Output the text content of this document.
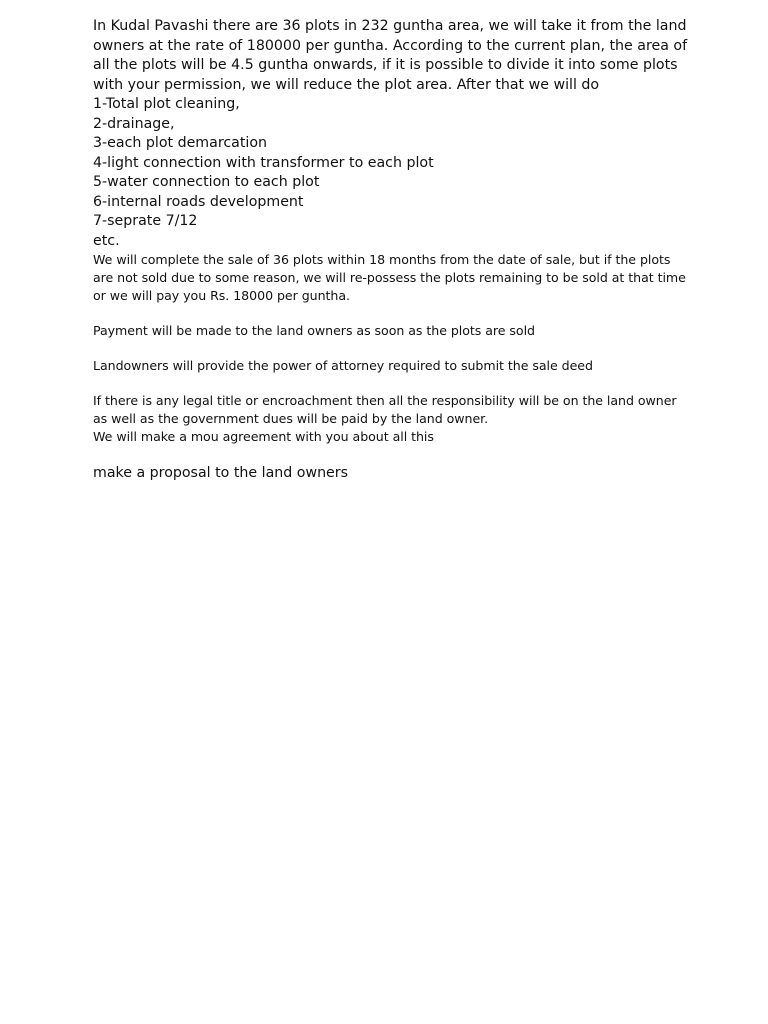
In Kudal Pavashi there are 36 plots in 232 guntha area, we will take it from the land owners at the rate of 180000 per guntha. According to the current plan, the area of all the plots will be 4.5 guntha onwards, if it is possible to divide it into some plots with your permission, we will reduce the plot area. After that we will do

1-Total plot cleaning,
2-drainage,
3-each plot demarcation
4-light connection with transformer to each plot
5-water connection to each plot
6-internal roads development
7-seprate 7/12

etc.

We will complete the sale of 36 plots within 18 months from the date of sale, but if the plots are not sold due to some reason, we will re-possess the plots remaining to be sold at that time or we will pay you Rs. 18000 per guntha.

Payment will be made to the land owners as soon as the plots are sold

Landowners will provide the power of attorney required to submit the sale deed

If there is any legal title or encroachment then all the responsibility will be on the land owner as well as the government dues will be paid by the land owner.

We will make a mou agreement with you about all this

make a proposal to the land owners
